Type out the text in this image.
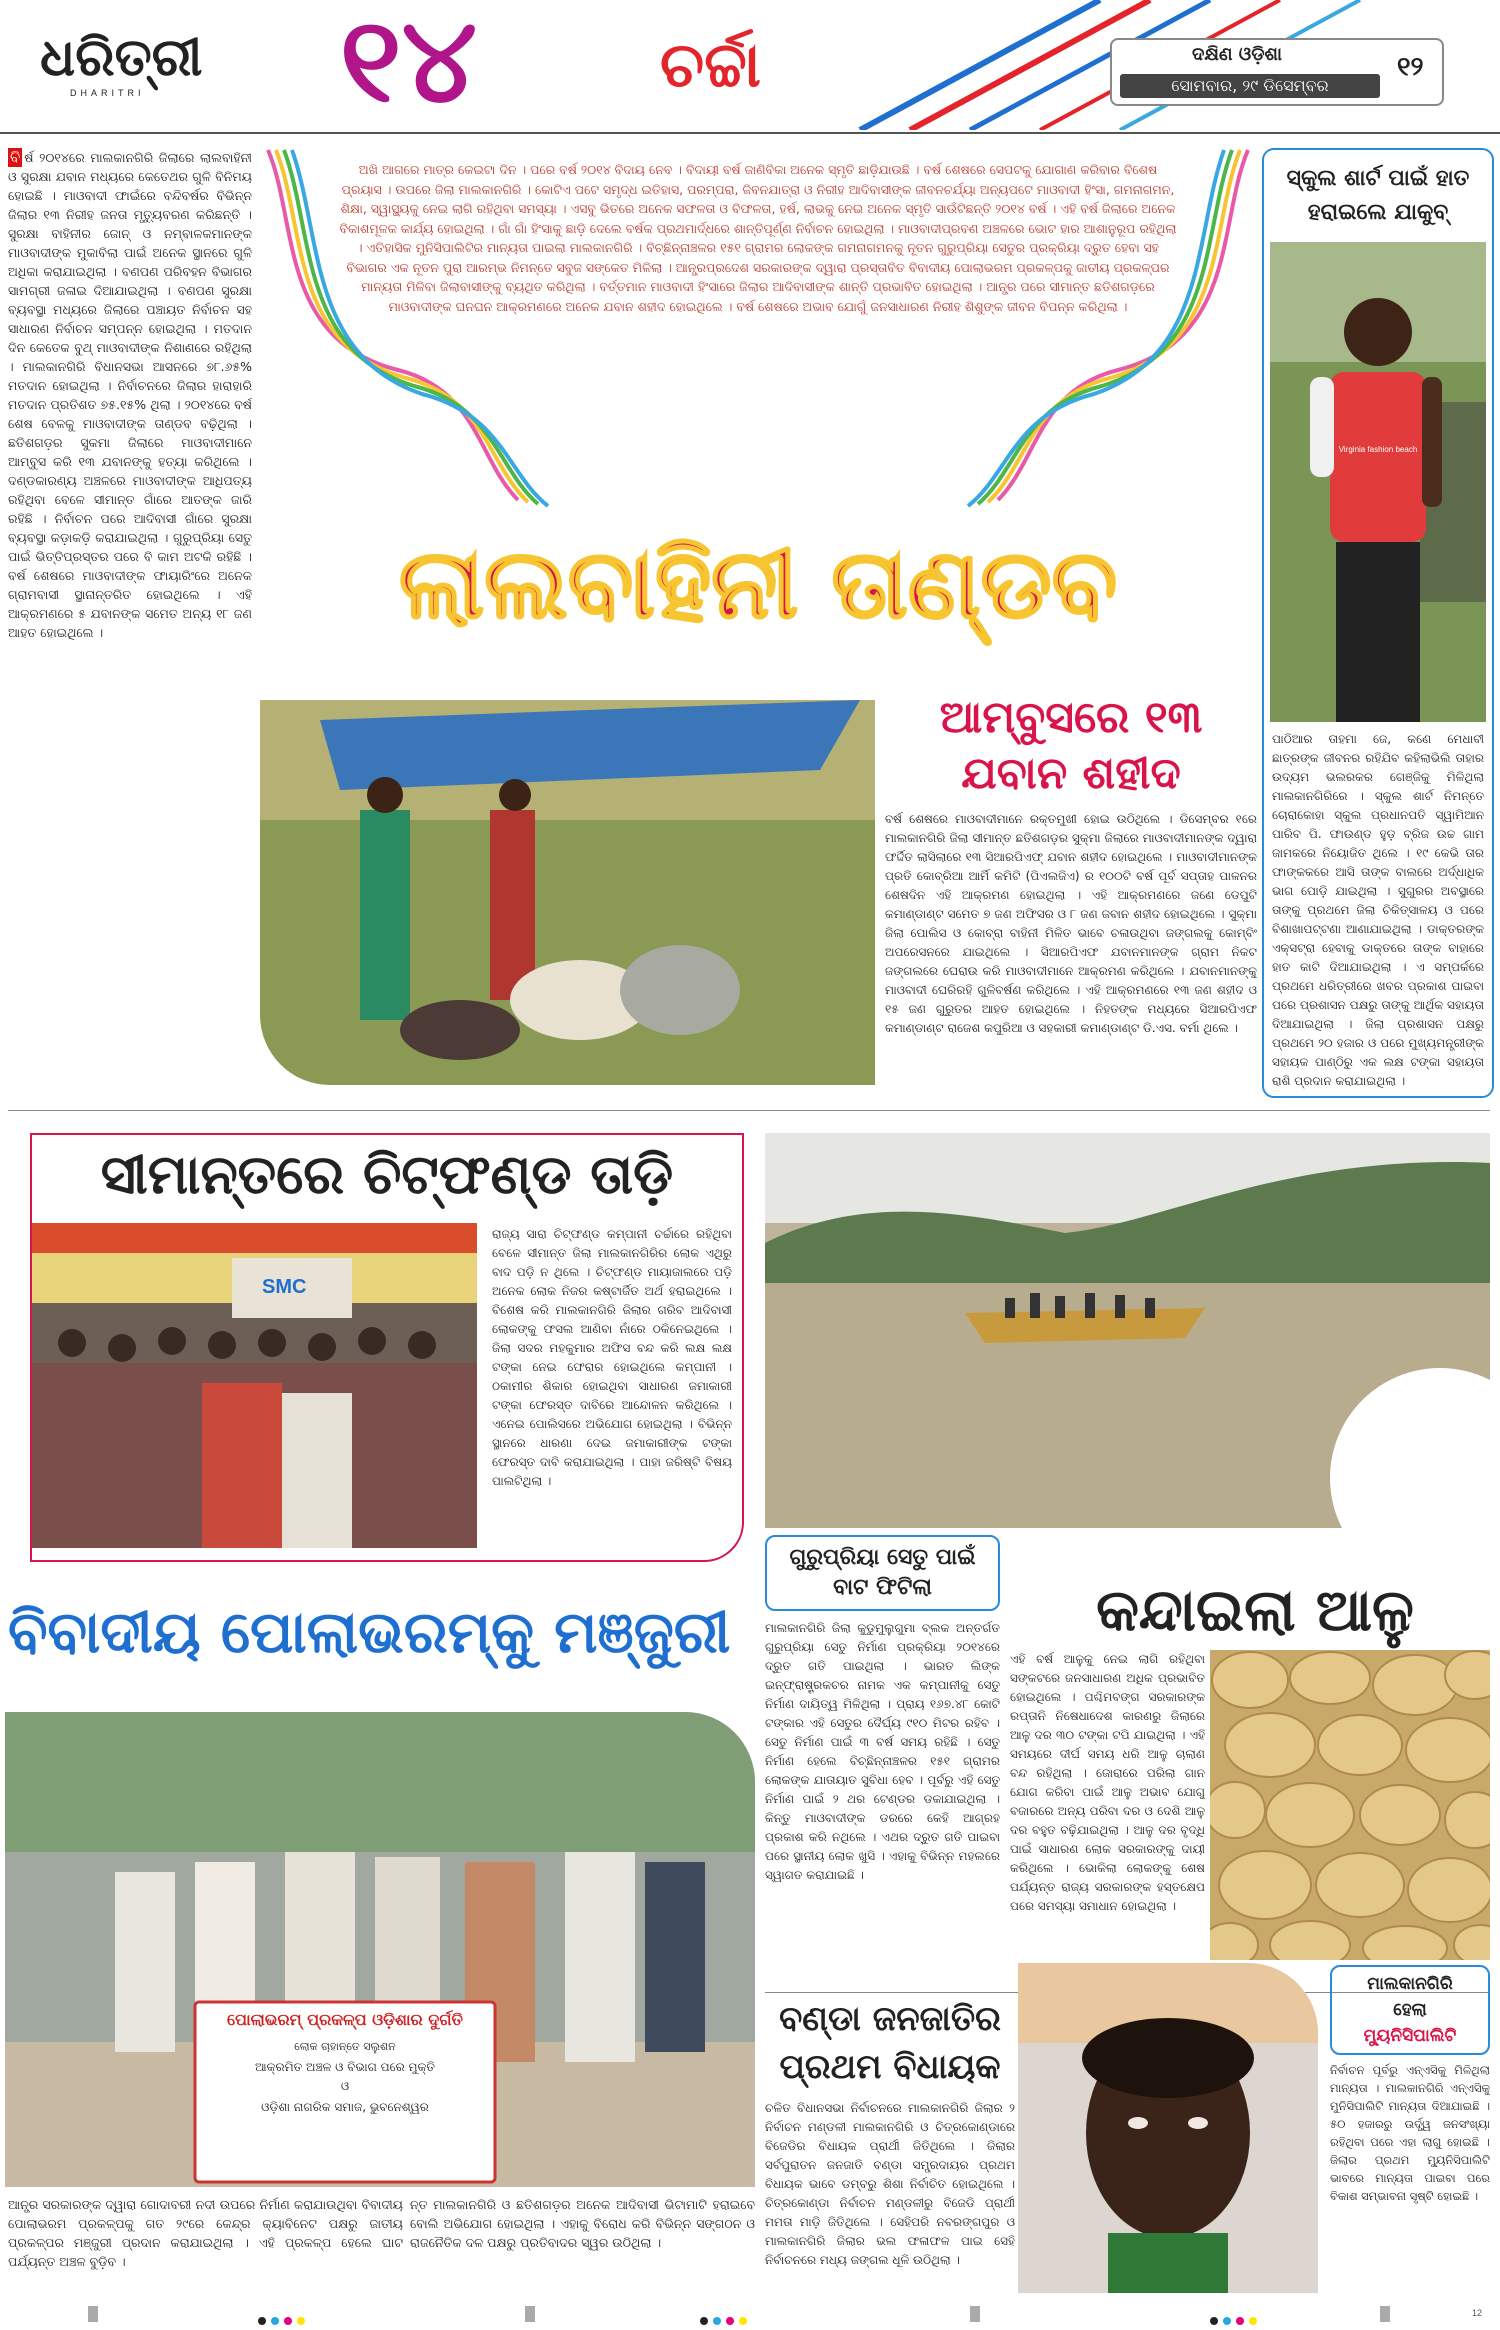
ଧରିତ୍ରୀ
DHARITRI	୧୪	ଚର୍ଚ୍ଚା	ଦକ୍ଷିଣ ଓଡ଼ିଶା	୧୨
ସୋମବାର, ୨୯ ଡିସେମ୍ବର
ବି ର୍ଷ ୨୦୧୪ରେ ମାଲକାନଗିରି ଜିଲାରେ ଲାଲବାହିନୀ ଓ ସୁରକ୍ଷା ଯବାନ ମଧ୍ୟରେ କେତେଥର ଗୁଳି ବିନିମୟ ହୋଇଛି । ମାଓବାଦୀ ଫାଇଁରେ ବନ୍ଦିବର୍ଷର ବିଭିନ୍ନ ଜିଲାର ୧୩ ନିରୀହ ଜନତା ମୃତ୍ୟୁବରଣ କରିଛନ୍ତି । ସୁରକ୍ଷା ବାହିନୀର ଜୋନ୍ ଓ ନମ୍ବାଳକମାନଙ୍କ ମାଓବାଦୀଙ୍କ ମୁକାବିଲା ପାଇଁ ଅନେକ ସ୍ଥାନରେ ଗୁଳି ଅଧିକା କରାଯାଇଥିଲା । ବଣପଣ ପରିବହନ ବିଭାଗର ସାମଗ୍ରୀ ଜଳାଇ ଦିଆଯାଇଥିଲା । ବଣପଣ ସୁରକ୍ଷା ବ୍ୟବସ୍ଥା ମଧ୍ୟରେ ଜିଲାରେ ପଞ୍ଚାୟତ ନିର୍ବାଚନ ସହ ସାଧାରଣ ନିର୍ବାଚନ ସମ୍ପନ୍ନ ହୋଇଥିଲା । ମତଦାନ ଦିନ କେତେକ ବୁଥ୍ ମାଓବାଦୀଙ୍କ ନିଶାଣରେ ରହିଥିଲା । ମାଲକାନଗିରି ବିଧାନସଭା ଆସନରେ ୭୮.୬୫% ମତଦାନ ହୋଇଥିଲା । ନିର୍ବାଚନରେ ଜିଲାର ହାରାହାରି ମତଦାନ ପ୍ରତିଶତ ୭୫.୧୫% ଥିଲା । ୨୦୧୪ରେ ବର୍ଷ ଶେଷ ବେଳକୁ ମାଓବାଦୀଙ୍କ ତାଣ୍ଡବ ବଢ଼ିଥିଲା । ଛତିଶଗଡ଼ର ସୁକମା ଜିଲାରେ ମାଓବାଦୀମାନେ ଆମ୍ବୁସ କରି ୧୩ ଯବାନଙ୍କୁ ହତ୍ୟା କରିଥିଲେ । ଦଣ୍ଡକାରଣ୍ୟ ଅଞ୍ଚଳରେ ମାଓବାଦୀଙ୍କ ଆଧିପତ୍ୟ ରହିଥିବା ବେଳେ ସୀମାନ୍ତ ଗାଁରେ ଆତଙ୍କ ଜାରି ରହିଛି । ନିର୍ବାଚନ ପରେ ଆଦିବାସୀ ଗାଁରେ ସୁରକ୍ଷା ବ୍ୟବସ୍ଥା କଡ଼ାକଡ଼ି କରାଯାଇଥିଲା । ଗୁରୁପ୍ରିୟା ସେତୁ ପାଇଁ ଭିତ୍ତିପ୍ରସ୍ତର ପରେ ବି କାମ ଅଟକି ରହିଛି । ବର୍ଷ ଶେଷରେ ମାଓବାଦୀଙ୍କ ଫାୟାରିଂରେ ଅନେକ ଗ୍ରାମବାସୀ ସ୍ଥାନାନ୍ତରିତ ହୋଇଥିଲେ । ଏହି ଆକ୍ରମଣରେ ୫ ଯବାନଙ୍କ ସମେତ ଅନ୍ୟ ୧୮ ଜଣ ଆହତ ହୋଇଥିଲେ ।
ଅଖି ଆଗରେ ମାତ୍ର କେଇଟା ଦିନ । ପରେ ବର୍ଷ ୨୦୧୪ ବିଦାୟ ନେବ । ବିଦାୟୀ ବର୍ଷ ଜାଣିବିକା ଅନେକ ସ୍ମୃତି ଛାଡ଼ିଯାଉଛି । ବର୍ଷ ଶେଷରେ ସେପଟକୁ ଯୋଗାଣ କରିବାର ବିଶେଷ ପ୍ରୟାସ । ଉପରେ ଜିଲା ମାଲକାନଗିରି । କୋଟିଏ ପଟେ ସମୃଦ୍ଧ ଇତିହାସ, ପରମ୍ପରା, ଜିବନଯାତ୍ରା ଓ ନିରୀହ ଆଦିବାସୀଙ୍କ ଜୀବନଚର୍ଯ୍ୟା ଅନ୍ୟପଟେ ମାଓବାଦୀ ହିଂସା, ଗମନାଗମନ, ଶିକ୍ଷା, ସ୍ୱାସ୍ଥ୍ୟକୁ ନେଇ ଲାଗି ରହିଥିବା ସମସ୍ୟା । ଏସବୁ ଭିତରେ ଅନେକ ସଫଳତା ଓ ବିଫଳତା, ହର୍ଷ, ଲାଭକୁ ନେଇ ଅନେକ ସ୍ମୃତି ସାଉଁଟିଛନ୍ତି ୨୦୧୪ ବର୍ଷ । ଏହି ବର୍ଷ ଜିଲାରେ ଅନେକ ବିକାଶମୂଳକ କାର୍ଯ୍ୟ ହୋଇଥିଲା । ଗାଁ ଗାଁ ହିଂସାକୁ ଛାଡ଼ି ଦେଲେ ବର୍ଷକ ପ୍ରଥମାର୍ଦ୍ଧରେ ଶାନ୍ତିପୂର୍ଣ୍ଣ ନିର୍ବାଚନ ହୋଇଥିଲା । ମାଓବାଦୀପ୍ରବଣ ଅଞ୍ଚଳରେ ଭୋଟ ହାର ଆଶାନୁରୂପ ରହିଥିଲା । ଏତିହାସିକ ମୁନିସିପାଲିଟିର ମାନ୍ୟତା ପାଇଲା ମାଲକାନଗିରି । ବିଚ୍ଛିନ୍ନାଞ୍ଚଳର ୧୫୧ ଗ୍ରାମର ଲୋକଙ୍କ ଗମନାଗମନକୁ ନୂତନ ଗୁରୁପ୍ରିୟା ସେତୁର ପ୍ରକ୍ରିୟା ଦ୍ରୁତ ହେବା ସହ ବିଭାଗର ଏକ ନୂତନ ପୁରା ଆରମ୍ଭ ନିମନ୍ତେ ସବୁଜ ସଙ୍କେତ ମିଳିଲା । ଆନ୍ଧ୍ରପ୍ରଦେଶ ସରକାରଙ୍କ ଦ୍ୱାରା ପ୍ରସ୍ତାବିତ ବିବାଦୀୟ ପୋଲାଭରମ ପ୍ରକଳ୍ପକୁ ଜାତୀୟ ପ୍ରକଳ୍ପର ମାନ୍ୟତା ମିଳିବା ଜିଲାବାସୀଙ୍କୁ ବ୍ୟଥିତ କରିଥିଲା । ବର୍ତ୍ତମାନ ମାଓବାଦୀ ହିଂସାରେ ଜିଲାର ଆଦିବାସୀଙ୍କ ଶାନ୍ତି ପ୍ରଭାବିତ ହୋଇଥିଲା । ଆନ୍ଧ୍ର ପରେ ସୀମାନ୍ତ ଛତିଶଗଡ଼ରେ ମାଓବାଦୀଙ୍କ ଘନଘନ ଆକ୍ରମଣରେ ଅନେକ ଯବାନ ଶହୀଦ ହୋଇଥିଲେ । ବର୍ଷ ଶେଷରେ ଅଭାବ ଯୋଗୁଁ ଜନସାଧାରଣ ନିରୀହ ଶିଶୁଙ୍କ ଜୀବନ ବିପନ୍ନ କରିଥିଲା ।
ସ୍କୁଲ ଶାର୍ଟ ପାଇଁ ହାତ ହରାଇଲେ ଯାକୁବ୍
Virginia fashion beach
ପାଠିଆର ତାହମା ଜେ, କଣେ ମେଧାବୀ ଛାତ୍ରଙ୍କ ଜୀବନର ରହିଯିବ କହିଲାଭିଲି ତାହାର ଉଦ୍ୟମ ଭଲରକର ଗେଞ୍ଜିକୁ ମିଳିଥିଲା ମାଲକାନଗିରିରେ । ସ୍କୁଲ ଶାର୍ଟ ନିମନ୍ତେ ଚୋରାକୋହା ସ୍କୁଲ ପ୍ରଧାନପତି ସ୍ୱାମିଆନ ପାରିବ ପି. ଫାଉଣ୍ଡ ହୁଡ଼ ବ୍ରିଜ ଉଚ୍ଚ ଗାମ ଜାମକରେ ନିୟୋଜିତ ଥିଲେ । ୧୯ କେଭି ତାର ଫାଙ୍କକରେ ଆସି ତାଙ୍କ ବାଲରେ ଅର୍ଦ୍ଧାଧିକ ଭାଗ ପୋଡ଼ି ଯାଇଥିଲା । ସୁଗୁରର ଅବସ୍ଥାରେ ତାଙ୍କୁ ପ୍ରଥମେ ଜିଲା ଚିକିତ୍ସାଳୟ ଓ ପରେ ବିଶାଖାପଟ୍ଟଣା ଆଣାଯାଇଥିଲା । ଡାକ୍ତରଙ୍କ ଏକ୍ସଟ୍ରା ହେବାକୁ ଡାକ୍ତରେ ତାଙ୍କ ବାହାରେ ହାତ କାଟି ଦିଆଯାଇଥିଲା । ଏ ସମ୍ପର୍କରେ ପ୍ରଥମେ ଧରିତ୍ରୀରେ ଖବର ପ୍ରକାଶ ପାଇବା ପରେ ପ୍ରଶାସନ ପକ୍ଷରୁ ତାଙ୍କୁ ଆର୍ଥିକ ସହାୟତା ଦିଆଯାଇଥିଲା । ଜିଲା ପ୍ରଶାସନ ପକ୍ଷରୁ ପ୍ରଥମେ ୨୦ ହଜାର ଓ ପରେ ମୁଖ୍ୟମନ୍ତ୍ରୀଙ୍କ ସହାୟକ ପାଣ୍ଠିରୁ ଏକ ଲକ୍ଷ ଟଙ୍କା ସହାୟତା ରାଶି ପ୍ରଦାନ କରାଯାଇଥିଲା ।
ଲାଲବାହିନୀ ତାଣ୍ଡବ
ଆମ୍ବୁସରେ ୧୩
ଯବାନ ଶହୀଦ
ବର୍ଷ ଶେଷରେ ମାଓବାଦୀମାନେ ରକ୍ତମୁଖୀ ହୋଇ ଉଠିଥିଲେ । ଡିସେମ୍ବର ୧ରେ ମାଲକାନଗିରି ଜିଲା ସୀମାନ୍ତ ଛତିଶଗଡ଼ର ସୁକ୍ମା ଜିଲାରେ ମାଓବାଦୀମାନଙ୍କ ଦ୍ୱାରା ଫର୍ଦ୍ଦିତ ଲାସିଲାରେ ୧୩ ସିଆରପିଏଫ୍ ଯବାନ ଶହୀଦ ହୋଇଥିଲେ । ମାଓବାଦୀମାନଙ୍କ ପ୍ରତି କୋବ୍ରିଆ ଆର୍ମି କମିଟି (ପିଏଲଜିଏ) ର ୧୦୦ଟି ବର୍ଷ ପୂର୍ବ ସପ୍ତାହ ପାଳନର ଶେଷଦିନ ଏହି ଆକ୍ରମଣ ହୋଇଥିଲା । ଏହି ଆକ୍ରମଣରେ ଜଣେ ଡେପୁଟି କମାଣ୍ଡାଣ୍ଟ ସମେତ ୭ ଜଣ ଅଫିସର ଓ ୮ ଜଣ ଜବାନ ଶହୀଦ ହୋଇଥିଲେ । ସୁକ୍ମା ଜିଲା ପୋଲିସ ଓ କୋବ୍ରା ବାହିନୀ ମିଳିତ ଭାବେ ଚଳାଉଥିବା ଜଙ୍ଗଲକୁ କୋମ୍ବିଂ ଅପରେସନରେ ଯାଇଥିଲେ । ସିଆରପିଏଫ ଯବାନମାନଙ୍କ ଗ୍ରାମ ନିକଟ ଜଙ୍ଗଲରେ ଘେରାଉ କରି ମାଓବାଦୀମାନେ ଆକ୍ରମଣ କରିଥିଲେ । ଯବାନମାନଙ୍କୁ ମାଓବାଦୀ ଘେରିରହି ଗୁଳିବର୍ଷଣ କରିଥିଲେ । ଏହି ଆକ୍ରମଣରେ ୧୩ ଜଣ ଶହୀଦ ଓ ୧୫ ଜଣ ଗୁରୁତର ଆହତ ହୋଇଥିଲେ । ନିହତଙ୍କ ମଧ୍ୟରେ ସିଆରପିଏଫ କମାଣ୍ଡାଣ୍ଟ ରାଜେଶ କପୁରିଆ ଓ ସହକାରୀ କମାଣ୍ଡାଣ୍ଟ ଡି.ଏସ. ବର୍ମା ଥିଲେ ।
ସୀମାନ୍ତରେ ଚିଟ୍‌ଫଣ୍ଡ ତାଡ଼ି
SMC
ରାଜ୍ୟ ସାରା ଚିଟ୍‌ଫଣ୍ଡ କମ୍ପାନୀ ଚର୍ଚ୍ଚାରେ ରହିଥିବା ବେଳେ ସୀମାନ୍ତ ଜିଲା ମାଲକାନଗିରିର ଲୋକ ଏଥିରୁ ବାଦ ପଡ଼ି ନ ଥିଲେ । ଚିଟ୍‌ଫଣ୍ଡ ମାୟାଜାଲରେ ପଡ଼ି ଅନେକ ଲୋକ ନିଜର କଷ୍ଟାର୍ଜିତ ଅର୍ଥ ହରାଇଥିଲେ । ବିଶେଷ କରି ମାଲକାନଗିରି ଜିଲାର ଗରିବ ଆଦିବାସୀ ଲୋକଙ୍କୁ ଫସଲ ଆଣିବା ନାଁରେ ଠକିନେଇଥିଲେ । ଜିଲା ସଦର ମହକୁମାର ଅଫିସ ବନ୍ଦ କରି ଲକ୍ଷ ଲକ୍ଷ ଟଙ୍କା ନେଇ ଫେରାର ହୋଇଥିଲେ କମ୍ପାନୀ । ଠକାମୀର ଶିକାର ହୋଇଥିବା ସାଧାରଣ ଜମାକାରୀ ଟଙ୍କା ଫେରସ୍ତ ଦାବିରେ ଆନ୍ଦୋଳନ କରିଥିଲେ । ଏନେଇ ପୋଲିସରେ ଅଭିଯୋଗ ହୋଇଥିଲା । ବିଭିନ୍ନ ସ୍ଥାନରେ ଧାରଣା ଦେଇ ଜମାକାରୀଙ୍କ ଟଙ୍କା ଫେରସ୍ତ ଦାବି କରାଯାଇଥିଲା । ପାହା ଜରିଷ୍ଟି ବିଷୟ ପାଲଟିଥିଲା ।
ବିବାଦୀୟ ପୋଲାଭରମ୍‌କୁ ମଞ୍ଜୁରୀ
ପୋଲାଭରମ୍ ପ୍ରକଳ୍ପ ଓଡ଼ିଶାର ଦୁର୍ଗତି
ଲୋକ ଚାହାନ୍ତେ ସଲୁଶନ
ଆକ୍ରମିତ ଅଞ୍ଚଳ ଓ ବିଭାଗ ପରେ ମୁକ୍ତି
ଓ
ଓଡ଼ିଶା ନାଗରିକ ସମାଜ, ଭୁବନେଶ୍ୱର
ଆନ୍ଧ୍ର ସରକାରଙ୍କ ଦ୍ୱାରା ଗୋଦାବରୀ ନଦୀ ଉପରେ ନିର୍ମାଣ କରାଯାଉଥିବା ବିବାଦୀୟ ପୋଲାଭରମ ପ୍ରକଳ୍ପକୁ ଗତ ୨୯ରେ କେନ୍ଦ୍ର କ୍ୟାବିନେଟ ପକ୍ଷରୁ ଜାତୀୟ ପ୍ରକଳ୍ପର ମଞ୍ଜୁରୀ ପ୍ରଦାନ କରାଯାଇଥିଲା । ଏହି ପ୍ରକଳ୍ପ ହେଲେ ଘାଟ ପର୍ଯ୍ୟନ୍ତ ଅଞ୍ଚଳ ବୁଡ଼ିବ ।
ନ୍ତ ମାଲକାନଗିରି ଓ ଛତିଶଗଡ଼ର ଅନେକ ଆଦିବାସୀ ଭିଟାମାଟି ହରାଇବେ ବୋଲି ଅଭିଯୋଗ ହୋଇଥିଲା । ଏହାକୁ ବିରୋଧ କରି ବିଭିନ୍ନ ସଙ୍ଗଠନ ଓ ରାଜନୈତିକ ଦଳ ପକ୍ଷରୁ ପ୍ରତିବାଦର ସ୍ୱର ଉଠିଥିଲା ।
ଗୁରୁପ୍ରିୟା ସେତୁ ପାଇଁ
ବାଟ ଫିଟିଲା
ମାଲକାନଗିରି ଜିଲା କୁଡୁମୁଲୁଗୁମା ବ୍ଲକ ଅନ୍ତର୍ଗତ ଗୁରୁପ୍ରିୟା ସେତୁ ନିର୍ମାଣ ପ୍ରକ୍ରିୟା ୨୦୧୪ରେ ଦ୍ରୁତ ଗତି ପାଇଥିଲା । ଭାରତ ଲିଙ୍କ ଇନ୍‌ଫ୍ରାଷ୍ଟ୍ରକଚର ନାମକ ଏକ କମ୍ପାନୀକୁ ସେତୁ ନିର୍ମାଣ ଦାୟିତ୍ୱ ମିଳିଥିଲା । ପ୍ରାୟ ୧୬୭.୪୮ କୋଟି ଟଙ୍କାର ଏହି ସେତୁର ଦୈର୍ଘ୍ୟ ୯୧୦ ମିଟର ରହିବ । ସେତୁ ନିର୍ମାଣ ପାଇଁ ୩ ବର୍ଷ ସମୟ ରହିଛି । ସେତୁ ନିର୍ମାଣ ହେଲେ ବିଚ୍ଛିନ୍ନାଞ୍ଚଳର ୧୫୧ ଗ୍ରାମର ଲୋକଙ୍କ ଯାତାୟାତ ସୁବିଧା ହେବ । ପୂର୍ବରୁ ଏହି ସେତୁ ନିର୍ମାଣ ପାଇଁ ୨ ଥର ଟେଣ୍ଡର ଡକାଯାଇଥିଲା । କିନ୍ତୁ ମାଓବାଦୀଙ୍କ ଡରରେ କେହି ଆଗ୍ରହ ପ୍ରକାଶ କରି ନଥିଲେ । ଏଥର ଦ୍ରୁତ ଗତି ପାଇବା ପରେ ସ୍ଥାନୀୟ ଲୋକ ଖୁସି । ଏହାକୁ ବିଭିନ୍ନ ମହଲରେ ସ୍ୱାଗତ କରାଯାଇଛି ।
କନ୍ଦାଇଲା ଆଳୁ
ଏହି ବର୍ଷ ଆଳୁକୁ ନେଇ ଲାଗି ରହିଥିବା ସଙ୍କଟରେ ଜନସାଧାରଣ ଅଧିକ ପ୍ରଭାବିତ ହୋଇଥିଲେ । ପଶ୍ଚିମବଙ୍ଗ ସରକାରଙ୍କ ରପ୍ତାନି ନିଷେଧାଦେଶ କାରଣରୁ ଜିଲାରେ ଆଳୁ ଦର ୩୦ ଟଙ୍କା ଟପି ଯାଇଥିଲା । ଏହି ସମୟରେ ଦୀର୍ଘ ସମୟ ଧରି ଆଳୁ ଚାଲାଣ ବନ୍ଦ ରହିଥିଲା । ଜୋରାରେ ପରିଲା ଗାନ ଯୋଗ କରିବା ପାଇଁ ଆଳୁ ଅଭାବ ଯୋଗୁ ବଜାରରେ ଅନ୍ୟ ପରିବା ଦର ଓ ଦେଶି ଆଳୁ ଦର ବହୁତ ବଢ଼ିଯାଇଥିଲା । ଆଳୁ ଦର ବୃଦ୍ଧି ପାଇଁ ସାଧାରଣ ଲୋକ ସରକାରଙ୍କୁ ଦାୟୀ କରିଥିଲେ । ଭୋକିଲା ଲୋକଙ୍କୁ ଶେଷ ପର୍ଯ୍ୟନ୍ତ ରାଜ୍ୟ ସରକାରଙ୍କ ହସ୍ତକ୍ଷେପ ପରେ ସମସ୍ୟା ସମାଧାନ ହୋଇଥିଲା ।
ବଣ୍ଡା ଜନଜାତିର
ପ୍ରଥମ ବିଧାୟକ
ଚଳିତ ବିଧାନସଭା ନିର୍ବାଚନରେ ମାଲକାନଗିରି ଜିଲାର ୨ ନିର୍ବାଚନ ମଣ୍ଡଳୀ ମାଲକାନଗିରି ଓ ଚିତ୍ରକୋଣ୍ଡାରେ ବିଜେଡିର ବିଧାୟକ ପ୍ରାର୍ଥୀ ଜିତିଥିଲେ । ଜିଲାର ସର୍ବପୁରାତନ ଜନଜାତି ବଣ୍ଡା ସମ୍ପ୍ରଦାୟର ପ୍ରଥମ ବିଧାୟକ ଭାବେ ଡମ୍ବରୁ ଶିଶା ନିର୍ବାଚିତ ହୋଇଥିଲେ । ଚିତ୍ରକୋଣ୍ଡା ନିର୍ବାଚନ ମଣ୍ଡଳୀରୁ ବିଜେଡି ପ୍ରାର୍ଥୀ ମମତା ମାଡ଼ି ଜିତିଥିଲେ । ସେହିପରି ନବରଙ୍ଗପୁର ଓ ମାଲକାନଗିରି ଜିଲାର ଭଲ ଫଳାଫଳ ପାଇ ସେହି ନିର୍ବାଚନରେ ମଧ୍ୟ ଜଙ୍ଗଲ ଧୂଳି ଉଠିଥିଲା ।
ମାଲକାନଗିରି
ହେଲା
ମ୍ୟୁନିସିପାଲିଟି
ନିର୍ବାଚନ ପୂର୍ବରୁ ଏନ୍‌ଏସିକୁ ମିଳିଥିଲା ମାନ୍ୟତା । ମାଲକାନଗିରି ଏନ୍‌ଏସିକୁ ମୁନିସିପାଲିଟି ମାନ୍ୟତା ଦିଆଯାଇଛି । ୫୦ ହଜାରରୁ ଉର୍ଦ୍ଧ୍ୱ ଜନସଂଖ୍ୟା ରହିଥିବା ପରେ ଏହା ଲାଗୁ ହୋଇଛି । ଜିଲାର ପ୍ରଥମ ମ୍ୟୁନିସିପାଲିଟି ଭାବରେ ମାନ୍ୟତା ପାଇବା ପରେ ବିକାଶ ସମ୍ଭାବନା ସୃଷ୍ଟି ହୋଇଛି ।

12
